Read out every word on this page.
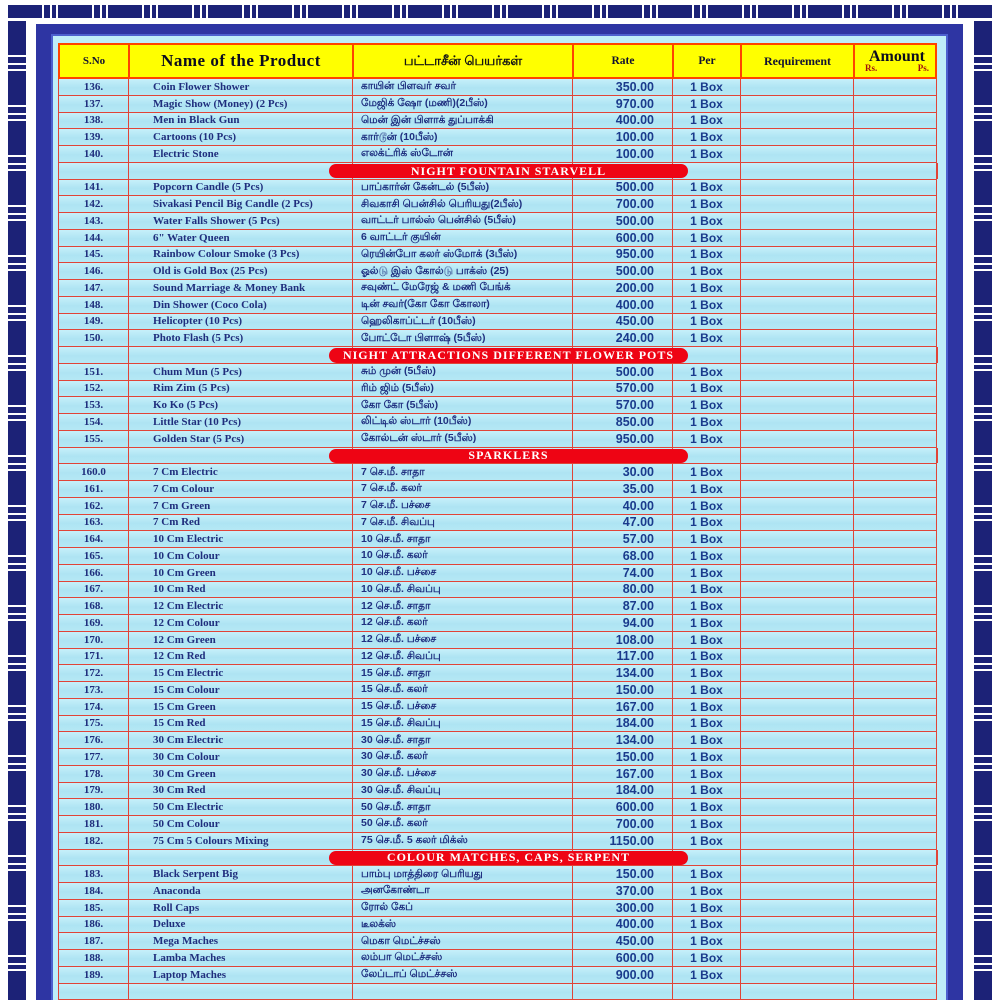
S.No	Name of the Product	பட்டாசீன் பெயர்கள்	Rate	Per	Requirement	Amount
Rs.	Ps.
136.	Coin Flower Shower	காயின் பிளவர் சவர்	350.00	1 Box
137.	Magic Show (Money) (2 Pcs)	மேஜிக் ஷோ (மணி)(2பீஸ்)	970.00	1 Box
138.	Men in Black Gun	மென் இன் பிளாக் துப்பாக்கி	400.00	1 Box
139.	Cartoons (10 Pcs)	கார்டூன் (10பீஸ்)	100.00	1 Box
140.	Electric Stone	எலக்ட்ரிக் ஸ்டோன்	100.00	1 Box
NIGHT FOUNTAIN STARVELL
141.	Popcorn Candle (5 Pcs)	பாப்கார்ன் கேன்டல் (5பீஸ்)	500.00	1 Box
142.	Sivakasi Pencil Big Candle (2 Pcs)	சிவகாசி பென்சில் பெரியது(2பீஸ்)	700.00	1 Box
143.	Water Falls Shower (5 Pcs)	வாட்டர் பால்ஸ் பென்சில் (5பீஸ்)	500.00	1 Box
144.	6" Water Queen	6 வாட்டர் குயின்	600.00	1 Box
145.	Rainbow Colour Smoke (3 Pcs)	ரெயின்போ கலர் ஸ்மோக் (3பீஸ்)	950.00	1 Box
146.	Old is Gold Box (25 Pcs)	ஓல்டு இஸ் கோல்டு பாக்ஸ் (25)	500.00	1 Box
147.	Sound Marriage & Money Bank	சவுண்ட் மேரேஜ் & மணி பேங்க்	200.00	1 Box
148.	Din Shower (Coco Cola)	டின் சவர்(கோ கோ கோலா)	400.00	1 Box
149.	Helicopter (10 Pcs)	ஹெலிகாப்ட்டர் (10பீஸ்)	450.00	1 Box
150.	Photo Flash (5 Pcs)	போட்டோ பிளாஷ் (5பீஸ்)	240.00	1 Box
NIGHT ATTRACTIONS DIFFERENT FLOWER POTS
151.	Chum Mun (5 Pcs)	சும் முன் (5பீஸ்)	500.00	1 Box
152.	Rim Zim (5 Pcs)	ரிம் ஜிம் (5பீஸ்)	570.00	1 Box
153.	Ko Ko (5 Pcs)	கோ கோ (5பீஸ்)	570.00	1 Box
154.	Little Star (10 Pcs)	லிட்டில் ஸ்டார் (10பீஸ்)	850.00	1 Box
155.	Golden Star (5 Pcs)	கோல்டன் ஸ்டார் (5பீஸ்)	950.00	1 Box
SPARKLERS
160.0	7 Cm Electric	7 செ.மீ. சாதா	30.00	1 Box
161.	7 Cm Colour	7 செ.மீ. கலர்	35.00	1 Box
162.	7 Cm Green	7 செ.மீ. பச்சை	40.00	1 Box
163.	7 Cm Red	7 செ.மீ. சிவப்பு	47.00	1 Box
164.	10 Cm Electric	10 செ.மீ. சாதா	57.00	1 Box
165.	10 Cm Colour	10 செ.மீ. கலர்	68.00	1 Box
166.	10 Cm Green	10 செ.மீ. பச்சை	74.00	1 Box
167.	10 Cm Red	10 செ.மீ. சிவப்பு	80.00	1 Box
168.	12 Cm Electric	12 செ.மீ. சாதா	87.00	1 Box
169.	12 Cm Colour	12 செ.மீ. கலர்	94.00	1 Box
170.	12 Cm Green	12 செ.மீ. பச்சை	108.00	1 Box
171.	12 Cm Red	12 செ.மீ. சிவப்பு	117.00	1 Box
172.	15 Cm Electric	15 செ.மீ. சாதா	134.00	1 Box
173.	15 Cm Colour	15 செ.மீ. கலர்	150.00	1 Box
174.	15 Cm Green	15 செ.மீ. பச்சை	167.00	1 Box
175.	15 Cm Red	15 செ.மீ. சிவப்பு	184.00	1 Box
176.	30 Cm Electric	30 செ.மீ. சாதா	134.00	1 Box
177.	30 Cm Colour	30 செ.மீ. கலர்	150.00	1 Box
178.	30 Cm Green	30 செ.மீ. பச்சை	167.00	1 Box
179.	30 Cm Red	30 செ.மீ. சிவப்பு	184.00	1 Box
180.	50 Cm Electric	50 செ.மீ. சாதா	600.00	1 Box
181.	50 Cm Colour	50 செ.மீ. கலர்	700.00	1 Box
182.	75 Cm 5 Colours Mixing	75 செ.மீ. 5 கலர் மிக்ஸ்	1150.00	1 Box
COLOUR MATCHES, CAPS, SERPENT
183.	Black Serpent Big	பாம்பு மாத்திரை பெரியது	150.00	1 Box
184.	Anaconda	அனகோண்டா	370.00	1 Box
185.	Roll Caps	ரோல் கேப்	300.00	1 Box
186.	Deluxe	டீலக்ஸ்	400.00	1 Box
187.	Mega Maches	மெகா மெட்ச்சஸ்	450.00	1 Box
188.	Lamba Maches	லம்பா மெட்ச்சஸ்	600.00	1 Box
189.	Laptop Maches	லேப்டாப் மெட்ச்சஸ்	900.00	1 Box
